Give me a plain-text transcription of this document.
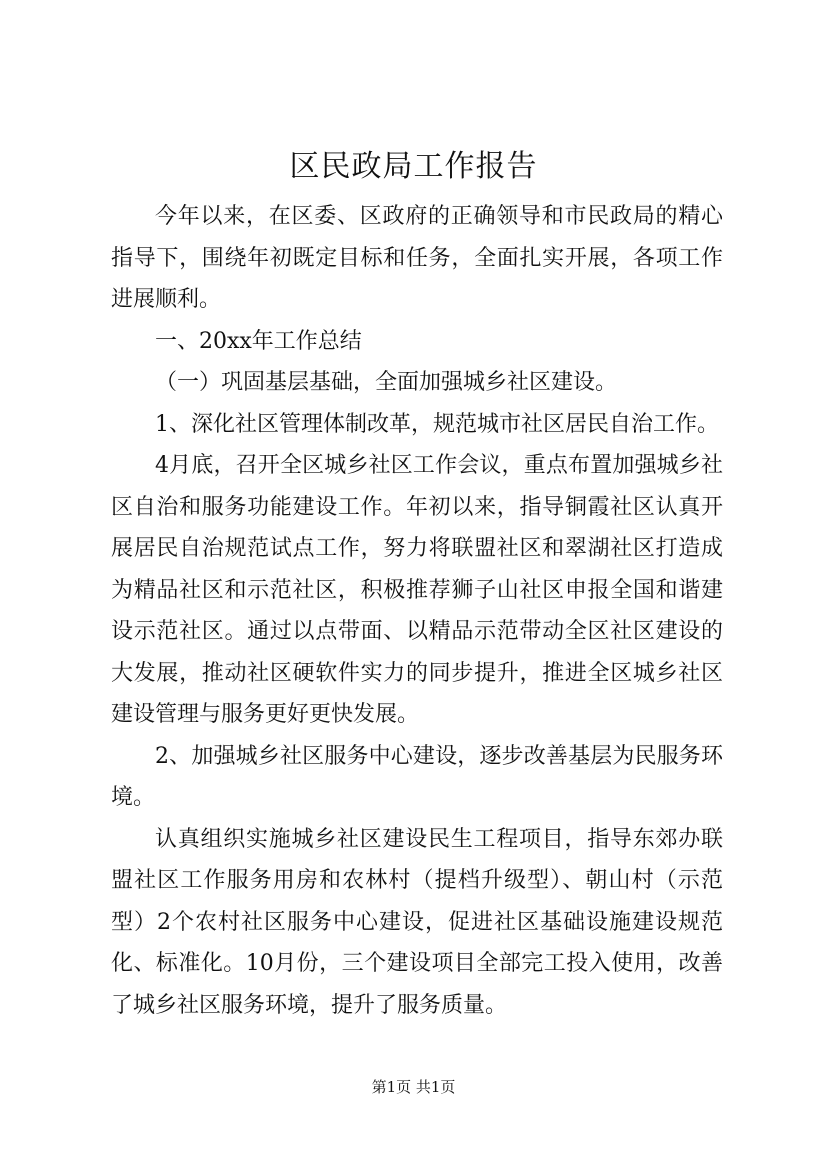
区民政局工作报告

今年以来，在区委、区政府的正确领导和市民政局的精心指导下，围绕年初既定目标和任务，全面扎实开展，各项工作进展顺利。

一、20xx年工作总结

（一）巩固基层基础，全面加强城乡社区建设。

1、深化社区管理体制改革，规范城市社区居民自治工作。

4月底，召开全区城乡社区工作会议，重点布置加强城乡社区自治和服务功能建设工作。年初以来，指导铜霞社区认真开展居民自治规范试点工作，努力将联盟社区和翠湖社区打造成为精品社区和示范社区，积极推荐狮子山社区申报全国和谐建设示范社区。通过以点带面、以精品示范带动全区社区建设的大发展，推动社区硬软件实力的同步提升，推进全区城乡社区建设管理与服务更好更快发展。

2、加强城乡社区服务中心建设，逐步改善基层为民服务环境。

认真组织实施城乡社区建设民生工程项目，指导东郊办联盟社区工作服务用房和农林村（提档升级型）、朝山村（示范型）2个农村社区服务中心建设，促进社区基础设施建设规范化、标准化。10月份，三个建设项目全部完工投入使用，改善了城乡社区服务环境，提升了服务质量。

第1页 共1页
